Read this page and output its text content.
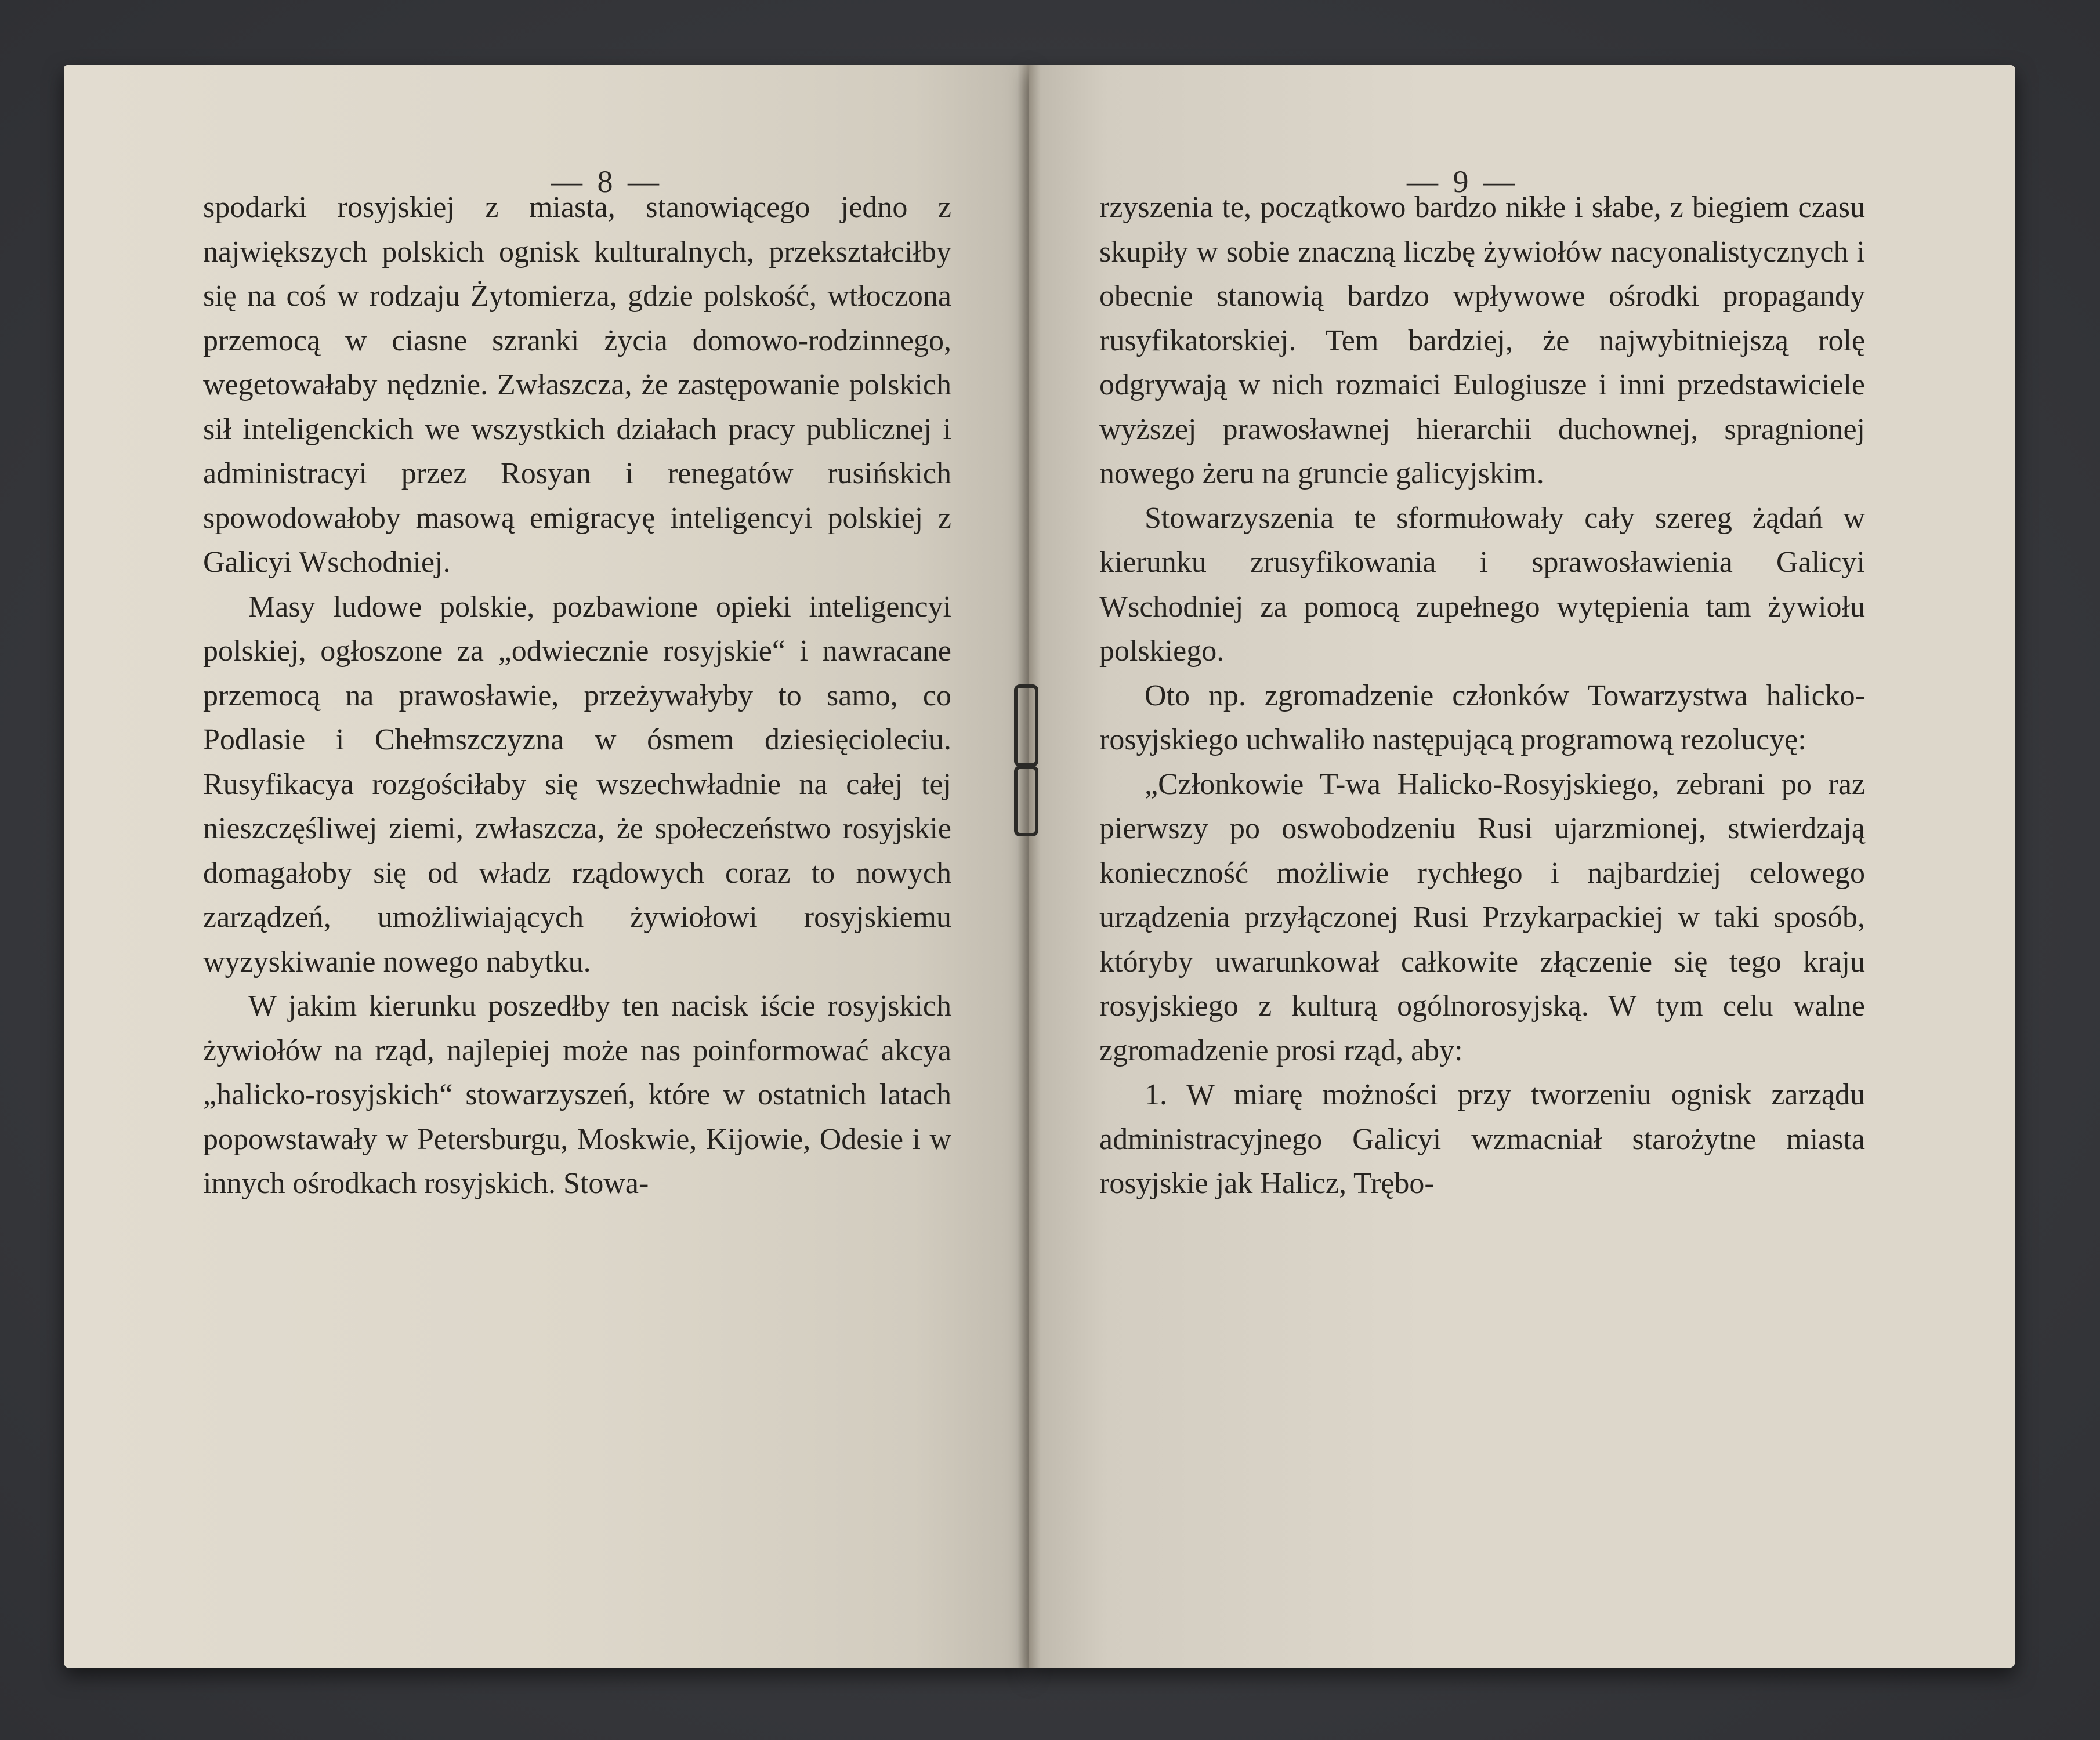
— 8 —	— 9 —

spodarki rosyjskiej z miasta, stanowiącego jedno z największych polskich ognisk kulturalnych, przekształciłby się na coś w rodzaju Żytomierza, gdzie polskość, wtłoczona przemocą w ciasne szranki życia domowo-rodzinnego, wegetowałaby nędznie. Zwłaszcza, że zastępowanie polskich sił inteligenckich we wszystkich działach pracy publicznej i administracyi przez Rosyan i renegatów rusińskich spowodowałoby masową emigracyę inteligencyi polskiej z Galicyi Wschodniej.

Masy ludowe polskie, pozbawione opieki inteligencyi polskiej, ogłoszone za „odwiecznie rosyjskie“ i nawracane przemocą na prawosławie, przeżywałyby to samo, co Podlasie i Chełmszczyzna w ósmem dziesięcioleciu. Rusyfikacya rozgościłaby się wszechwładnie na całej tej nieszczęśliwej ziemi, zwłaszcza, że społeczeństwo rosyjskie domagałoby się od władz rządowych coraz to nowych zarządzeń, umożliwiających żywiołowi rosyjskiemu wyzyskiwanie nowego nabytku.

W jakim kierunku poszedłby ten nacisk iście rosyjskich żywiołów na rząd, najlepiej może nas poinformować akcya „halicko-rosyjskich“ stowarzyszeń, które w ostatnich latach popowstawały w Petersburgu, Moskwie, Kijowie, Odesie i w innych ośrodkach rosyjskich. Stowa-

rzyszenia te, początkowo bardzo nikłe i słabe, z biegiem czasu skupiły w sobie znaczną liczbę żywiołów nacyonalistycznych i obecnie stanowią bardzo wpływowe ośrodki propagandy rusyfikatorskiej. Tem bardziej, że najwybitniejszą rolę odgrywają w nich rozmaici Eulogiusze i inni przedstawiciele wyższej prawosławnej hierarchii duchownej, spragnionej nowego żeru na gruncie galicyjskim.

Stowarzyszenia te sformułowały cały szereg żądań w kierunku zrusyfikowania i sprawosławienia Galicyi Wschodniej za pomocą zupełnego wytępienia tam żywiołu polskiego.

Oto np. zgromadzenie członków Towarzystwa halicko-rosyjskiego uchwaliło następującą programową rezolucyę:

„Członkowie T-wa Halicko-Rosyjskiego, zebrani po raz pierwszy po oswobodzeniu Rusi ujarzmionej, stwierdzają konieczność możliwie rychłego i najbardziej celowego urządzenia przyłączonej Rusi Przykarpackiej w taki sposób, któryby uwarunkował całkowite złączenie się tego kraju rosyjskiego z kulturą ogólnorosyjską. W tym celu walne zgromadzenie prosi rząd, aby:

1. W miarę możności przy tworzeniu ognisk zarządu administracyjnego Galicyi wzmacniał starożytne miasta rosyjskie jak Halicz, Trębo-
